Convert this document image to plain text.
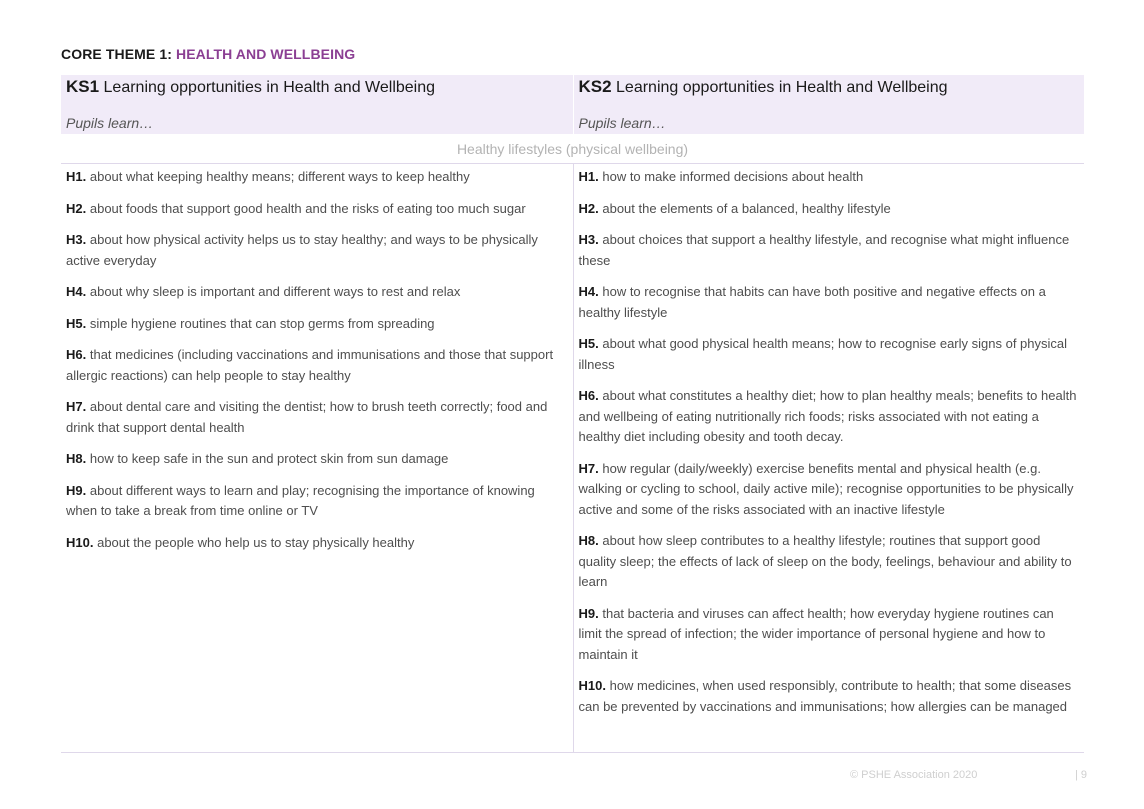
CORE THEME 1: HEALTH AND WELLBEING
KS1 Learning opportunities in Health and Wellbeing
Pupils learn…
KS2 Learning opportunities in Health and Wellbeing
Pupils learn…
Healthy lifestyles (physical wellbeing)
H1. about what keeping healthy means; different ways to keep healthy
H2. about foods that support good health and the risks of eating too much sugar
H3. about how physical activity helps us to stay healthy; and ways to be physically active everyday
H4. about why sleep is important and different ways to rest and relax
H5. simple hygiene routines that can stop germs from spreading
H6. that medicines (including vaccinations and immunisations and those that support allergic reactions) can help people to stay healthy
H7. about dental care and visiting the dentist; how to brush teeth correctly; food and drink that support dental health
H8. how to keep safe in the sun and protect skin from sun damage
H9. about different ways to learn and play; recognising the importance of knowing when to take a break from time online or TV
H10. about the people who help us to stay physically healthy
H1. how to make informed decisions about health
H2. about the elements of a balanced, healthy lifestyle
H3. about choices that support a healthy lifestyle, and recognise what might influence these
H4. how to recognise that habits can have both positive and negative effects on a healthy lifestyle
H5. about what good physical health means; how to recognise early signs of physical illness
H6. about what constitutes a healthy diet; how to plan healthy meals; benefits to health and wellbeing of eating nutritionally rich foods; risks associated with not eating a healthy diet including obesity and tooth decay.
H7. how regular (daily/weekly) exercise benefits mental and physical health (e.g. walking or cycling to school, daily active mile); recognise opportunities to be physically active and some of the risks associated with an inactive lifestyle
H8. about how sleep contributes to a healthy lifestyle; routines that support good quality sleep; the effects of lack of sleep on the body, feelings, behaviour and ability to learn
H9. that bacteria and viruses can affect health; how everyday hygiene routines can limit the spread of infection; the wider importance of personal hygiene and how to maintain it
H10. how medicines, when used responsibly, contribute to health; that some diseases can be prevented by vaccinations and immunisations; how allergies can be managed
© PSHE Association 2020	| 9
